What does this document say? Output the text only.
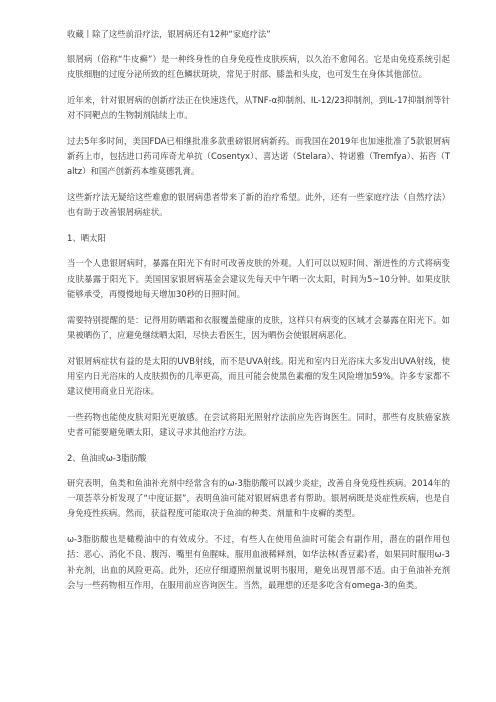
收藏丨除了这些前沿疗法，银屑病还有12种“家庭疗法”

银屑病（俗称“牛皮癣”）是一种终身性的自身免疫性皮肤疾病，以久治不愈闻名。它是由免疫系统引起皮肤细胞的过度分泌所致的红色鳞状斑块，常见于肘部、膝盖和头皮，也可发生在身体其他部位。

近年来，针对银屑病的创新疗法正在快速迭代，从TNF-α抑制剂、IL-12/23抑制剂，到IL-17抑制剂等针对不同靶点的生物制剂陆续上市。

过去5年多时间，美国FDA已相继批准多款重磅银屑病新药。而我国在2019年也加速批准了5款银屑病新药上市，包括进口药司库奇尤单抗（Cosentyx）、喜达诺（Stelara）、特诺雅（Tremfya）、拓咨（Taltz）和国产创新药本维莫德乳膏。

这些新疗法无疑给这些难愈的银屑病患者带来了新的治疗希望。此外，还有一些家庭疗法（自然疗法）也有助于改善银屑病症状。

1、晒太阳

当一个人患银屑病时，暴露在阳光下有时可改善皮肤的外观。人们可以以短时间、渐进性的方式将病变皮肤暴露于阳光下。美国国家银屑病基金会建议先每天中午晒一次太阳，时间为5~10分钟。如果皮肤能够承受，再慢慢地每天增加30秒的日照时间。

需要特别提醒的是：记得用防晒霜和衣服覆盖健康的皮肤，这样只有病变的区域才会暴露在阳光下。如果被晒伤了，应避免继续晒太阳，尽快去看医生，因为晒伤会使银屑病恶化。

对银屑病症状有益的是太阳的UVB射线，而不是UVA射线。阳光和室内日光浴床大多发出UVA射线，使用室内日光浴床的人皮肤损伤的几率更高，而且可能会使黑色素瘤的发生风险增加59%。许多专家都不建议使用商业日光浴床。

一些药物也能使皮肤对阳光更敏感。在尝试将阳光照射疗法前应先咨询医生。同时，那些有皮肤癌家族史者可能要避免晒太阳，建议寻求其他治疗方法。

2、鱼油或ω-3脂肪酸

研究表明，鱼类和鱼油补充剂中经常含有的ω-3脂肪酸可以减少炎症，改善自身免疫性疾病。2014年的一项荟萃分析发现了“中度证据”，表明鱼油可能对银屑病患者有帮助。银屑病既是炎症性疾病，也是自身免疫性疾病。然而，获益程度可能取决于鱼油的种类、剂量和牛皮癣的类型。

ω-3脂肪酸也是橄榄油中的有效成分。不过，有些人在使用鱼油时可能会有副作用，潜在的副作用包括：恶心、消化不良、腹泻、嘴里有鱼腥味。服用血液稀释剂，如华法林(香豆素)者，如果同时服用ω-3补充剂，出血的风险更高。此外，还应仔细遵照剂量说明书服用，避免出现胃部不适。由于鱼油补充剂会与一些药物相互作用，在服用前应咨询医生。当然，最理想的还是多吃含有omega-3的鱼类。
